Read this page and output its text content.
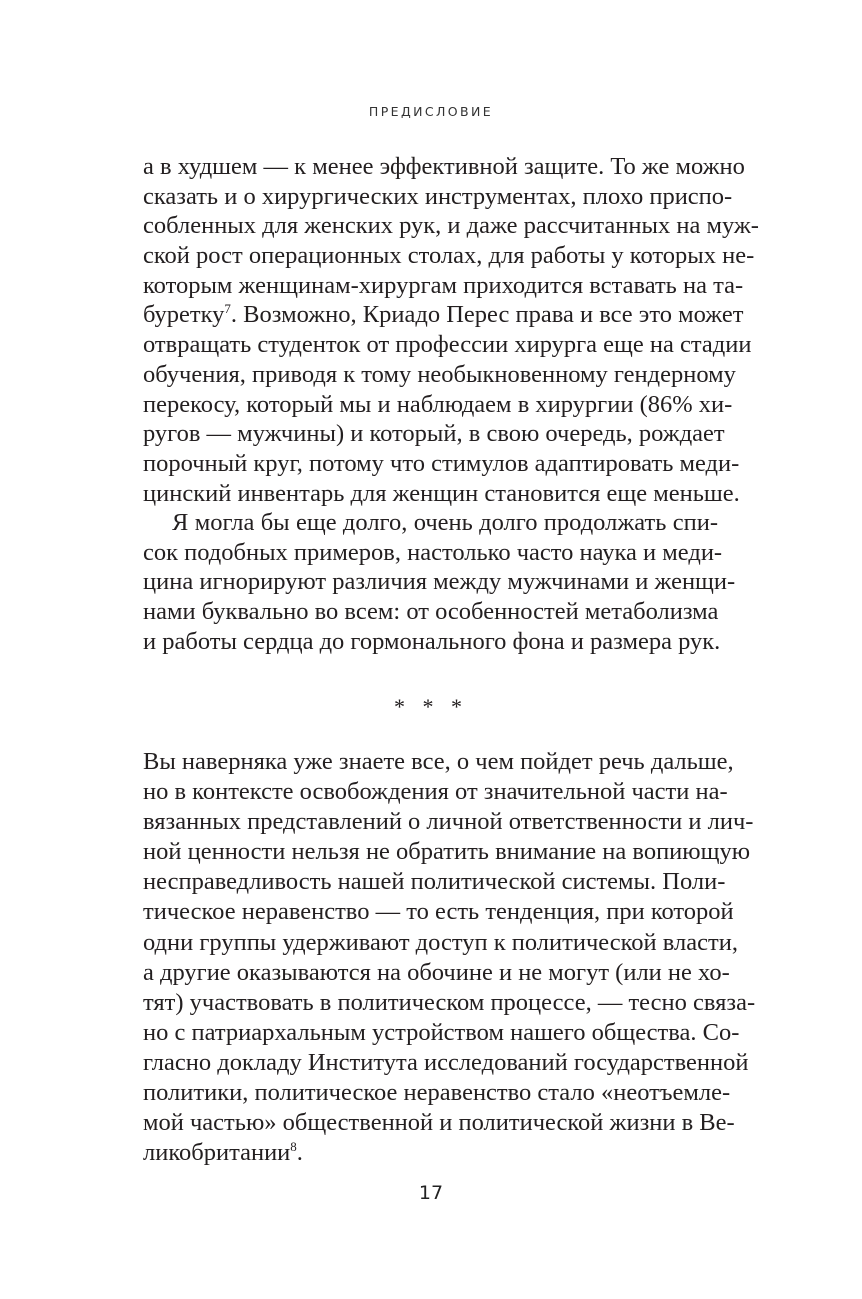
ПРЕДИСЛОВИЕ
а в худшем — к менее эффективной защите. То же можно
сказать и о хирургических инструментах, плохо приспо-
собленных для женских рук, и даже рассчитанных на муж-
ской рост операционных столах, для работы у которых не-
которым женщинам-хирургам приходится вставать на та-
буретку$^7$. Возможно, Криадо Перес права и все это может
отвращать студенток от профессии хирурга еще на стадии
обучения, приводя к тому необыкновенному гендерному
перекосу, который мы и наблюдаем в хирургии (86% хи-
ругов — мужчины) и который, в свою очередь, рождает
порочный круг, потому что стимулов адаптировать меди-
цинский инвентарь для женщин становится еще меньше.
Я могла бы еще долго, очень долго продолжать спи-
сок подобных примеров, настолько часто наука и меди-
цина игнорируют различия между мужчинами и женщи-
нами буквально во всем: от особенностей метаболизма
и работы сердца до гормонального фона и размера рук.
* * *
Вы наверняка уже знаете все, о чем пойдет речь дальше,
но в контексте освобождения от значительной части на-
вязанных представлений о личной ответственности и лич-
ной ценности нельзя не обратить внимание на вопиющую
несправедливость нашей политической системы. Поли-
тическое неравенство — то есть тенденция, при которой
одни группы удерживают доступ к политической власти,
а другие оказываются на обочине и не могут (или не хо-
тят) участвовать в политическом процессе, — тесно связа-
но с патриархальным устройством нашего общества. Со-
гласно докладу Института исследований государственной
политики, политическое неравенство стало «неотъемле-
мой частью» общественной и политической жизни в Ве-
ликобритании$^8$.
17
